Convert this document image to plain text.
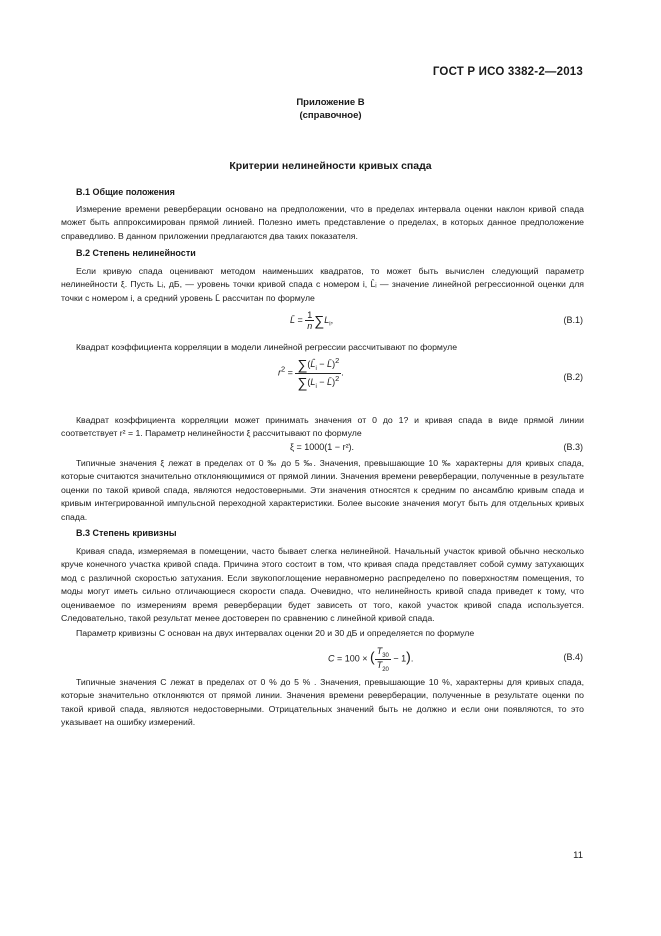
ГОСТ Р ИСО 3382-2—2013
Приложение В
(справочное)
Критерии нелинейности кривых спада
В.1 Общие положения

Измерение времени реверберации основано на предположении, что в пределах интервала оценки наклон кривой спада может быть аппроксимирован прямой линией. Полезно иметь представление о пределах, в которых данное предположение справедливо. В данном приложении предлагаются два таких показателя.

В.2 Степень нелинейности

Если кривую спада оценивают методом наименьших квадратов, то может быть вычислен следующий параметр нелинейности ξ. Пусть Lᵢ, дБ, — уровень точки кривой спада с номером i, L̂ᵢ — значение линейной регрессионной оценки для точки с номером i, а средний уровень L̄ рассчитан по формуле

L̄ = $\frac{1}{n} \sum L_i$,	(В.1)

Квадрат коэффициента корреляции в модели линейной регрессии рассчитывают по формуле

$r^2 = \frac{\sum(L̂_i - L̄)^2}{\sum(L_i - L̄)^2}$ .	(В.2)

Квадрат коэффициента корреляции может принимать значения от 0 до 1? и кривая спада в виде прямой линии соответствует r² = 1. Параметр нелинейности ξ рассчитывают по формуле

ξ = 1000(1 − r²).	(В.3)

Типичные значения ξ лежат в пределах от 0 ‰ до 5 ‰. Значения, превышающие 10 ‰ характерны для кривых спада, которые считаются значительно отклоняющимися от прямой линии. Значения времени реверберации, полученные в результате оценки по такой кривой спада, являются недостоверными. Эти значения относятся к средним по ансамблю кривым спада и кривым интегрированной импульсной переходной характеристики. Более высокие значения могут быть для отдельных кривых спада.

В.3 Степень кривизны

Кривая спада, измеряемая в помещении, часто бывает слегка нелинейной. Начальный участок кривой обычно несколько круче конечного участка кривой спада. Причина этого состоит в том, что кривая спада представляет собой сумму затухающих мод с различной скоростью затухания. Если звукопоглощение неравномерно распределено по поверхностям помещения, то моды могут иметь сильно отличающиеся скорости спада. Очевидно, что нелинейность кривой спада приведет к тому, что оцениваемое по измерениям время реверберации будет зависеть от того, какой участок кривой спада используется. Следовательно, такой результат менее достоверен по сравнению с линейной кривой спада.

Параметр кривизны C основан на двух интервалах оценки 20 и 30 дБ и определяется по формуле

C = 100 × ( $\frac{T_{30}}{T_{20}} - 1$).	(В.4)

Типичные значения C лежат в пределах от 0 % до 5 % . Значения, превышающие 10 %, характерны для кривых спада, которые значительно отклоняются от прямой линии. Значения времени реверберации, полученные в результате оценки по такой кривой спада, являются недостоверными. Отрицательных значений быть не должно и если они появляются, то это указывает на ошибку измерений.

11
